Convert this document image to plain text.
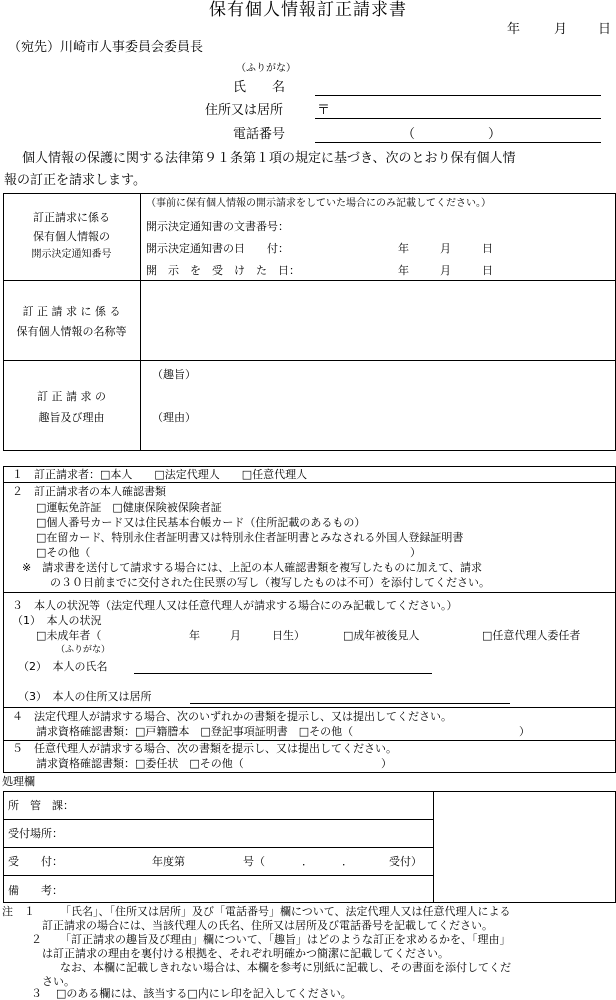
保有個人情報訂正請求書
年	月 日
（宛先）川崎市人事委員会委員長
（ふりがな）
氏　　名
住所又は居所	〒
電話番号	（	）
個人情報の保護に関する法律第９１条第１項の規定に基づき、次のとおり保有個人情
報の訂正を請求します。
訂正請求に係る
保有個人情報の
開示決定通知番号
（事前に保有個人情報の開示請求をしていた場合にのみ記載してください。）
開示決定通知書の文書番号：
開示決定通知書の日　　付：	年	月	日
開　示　を　受　け　た　日：	年	月	日
訂 正 請 求 に 係 る
保有個人情報の名称等
訂 正 請 求 の
趣旨及び理由
（趣旨）
（理由）
１　訂正請求者：□本人　　□法定代理人　　□任意代理人
２　訂正請求者の本人確認書類
□運転免許証　□健康保険被保険者証
□個人番号カード又は住民基本台帳カード（住所記載のあるもの）
□在留カード、特別永住者証明書又は特別永住者証明書とみなされる外国人登録証明書
□その他（	）
※　請求書を送付して請求する場合には、上記の本人確認書類を複写したものに加えて、請求
の３０日前までに交付された住民票の写し（複写したものは不可）を添付してください。
３　本人の状況等（法定代理人又は任意代理人が請求する場合にのみ記載してください。）
（1）　本人の状況
□未成年者（	年	月	日生）	□成年被後見人	□任意代理人委任者
（ふりがな）
（2）　本人の氏名
（3）　本人の住所又は居所
４　法定代理人が請求する場合、次のいずれかの書類を提示し、又は提出してください。
請求資格確認書類：□戸籍謄本　□登記事項証明書　□その他（	）
５　任意代理人が請求する場合、次の書類を提示し、又は提出してください。
請求資格確認書類：□委任状　□その他（	）
処理欄
所　管　課：
受付場所：
受　　付：	年度第	号（	．	．	受付）
備　　考：
注　１ 「氏名」、「住所又は居所」及び「電話番号」欄について、法定代理人又は任意代理人による
訂正請求の場合には、当該代理人の氏名、住所又は居所及び電話番号を記載してください。
２ 「訂正請求の趣旨及び理由」欄について、「趣旨」はどのような訂正を求めるかを、「理由」
は訂正請求の理由を裏付ける根拠を、それぞれ明確かつ簡潔に記載してください。
なお、本欄に記載しきれない場合は、本欄を参考に別紙に記載し、その書面を添付してくだ
さい。
３ □のある欄には、該当する□内にレ印を記入してください。
